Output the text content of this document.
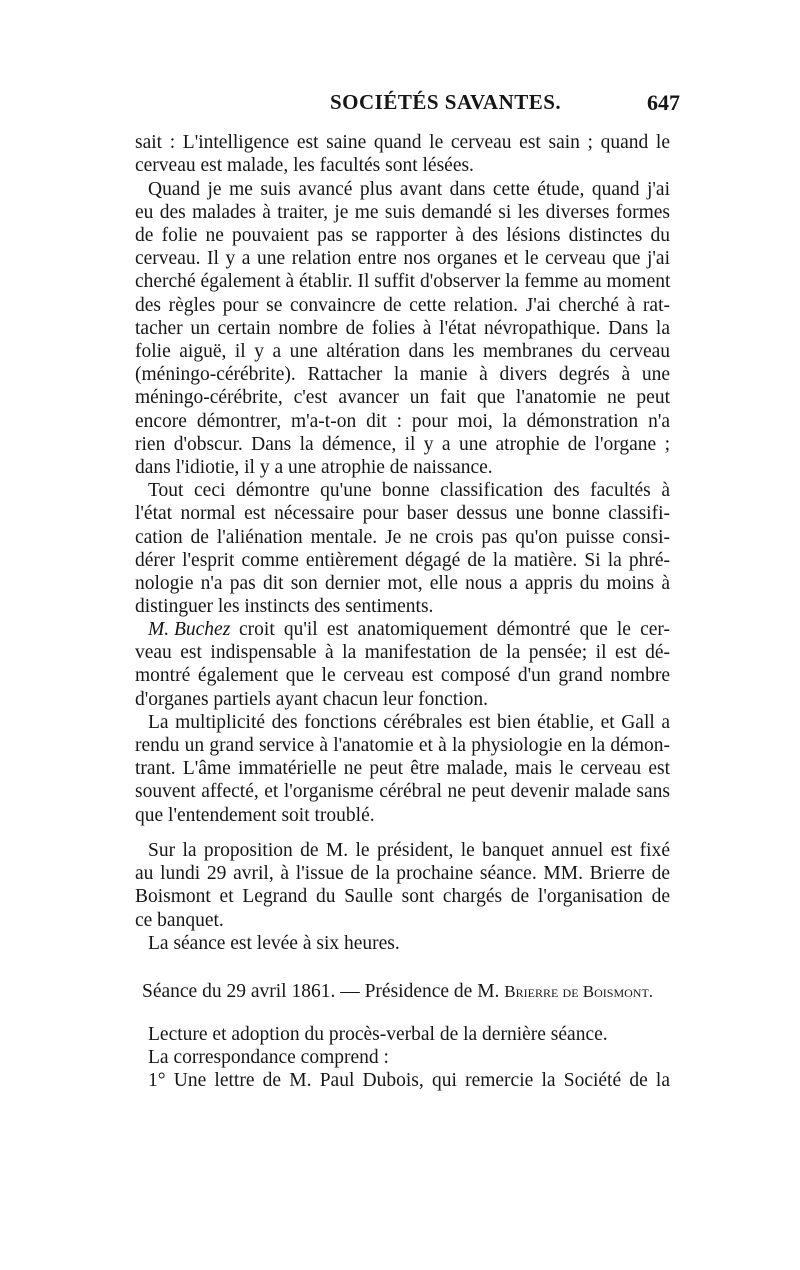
SOCIÉTÉS SAVANTES.	647
sait : L'intelligence est saine quand le cerveau est sain ; quand le
cerveau est malade, les facultés sont lésées.
Quand je me suis avancé plus avant dans cette étude, quand j'ai
eu des malades à traiter, je me suis demandé si les diverses formes
de folie ne pouvaient pas se rapporter à des lésions distinctes du
cerveau. Il y a une relation entre nos organes et le cerveau que j'ai
cherché également à établir. Il suffit d'observer la femme au moment
des règles pour se convaincre de cette relation. J'ai cherché à rat-
tacher un certain nombre de folies à l'état névropathique. Dans la
folie aiguë, il y a une altération dans les membranes du cerveau
(méningo-cérébrite). Rattacher la manie à divers degrés à une
méningo-cérébrite, c'est avancer un fait que l'anatomie ne peut
encore démontrer, m'a-t-on dit : pour moi, la démonstration n'a
rien d'obscur. Dans la démence, il y a une atrophie de l'organe ;
dans l'idiotie, il y a une atrophie de naissance.
Tout ceci démontre qu'une bonne classification des facultés à
l'état normal est nécessaire pour baser dessus une bonne classifi-
cation de l'aliénation mentale. Je ne crois pas qu'on puisse consi-
dérer l'esprit comme entièrement dégagé de la matière. Si la phré-
nologie n'a pas dit son dernier mot, elle nous a appris du moins à
distinguer les instincts des sentiments.
M. Buchez croit qu'il est anatomiquement démontré que le cer-
veau est indispensable à la manifestation de la pensée; il est dé-
montré également que le cerveau est composé d'un grand nombre
d'organes partiels ayant chacun leur fonction.
La multiplicité des fonctions cérébrales est bien établie, et Gall a
rendu un grand service à l'anatomie et à la physiologie en la démon-
trant. L'âme immatérielle ne peut être malade, mais le cerveau est
souvent affecté, et l'organisme cérébral ne peut devenir malade sans
que l'entendement soit troublé.
Sur la proposition de M. le président, le banquet annuel est fixé
au lundi 29 avril, à l'issue de la prochaine séance. MM. Brierre de
Boismont et Legrand du Saulle sont chargés de l'organisation de
ce banquet.
La séance est levée à six heures.
Séance du 29 avril 1861. — Présidence de M. Brierre de Boismont.
Lecture et adoption du procès-verbal de la dernière séance.
La correspondance comprend :
1° Une lettre de M. Paul Dubois, qui remercie la Société de la
